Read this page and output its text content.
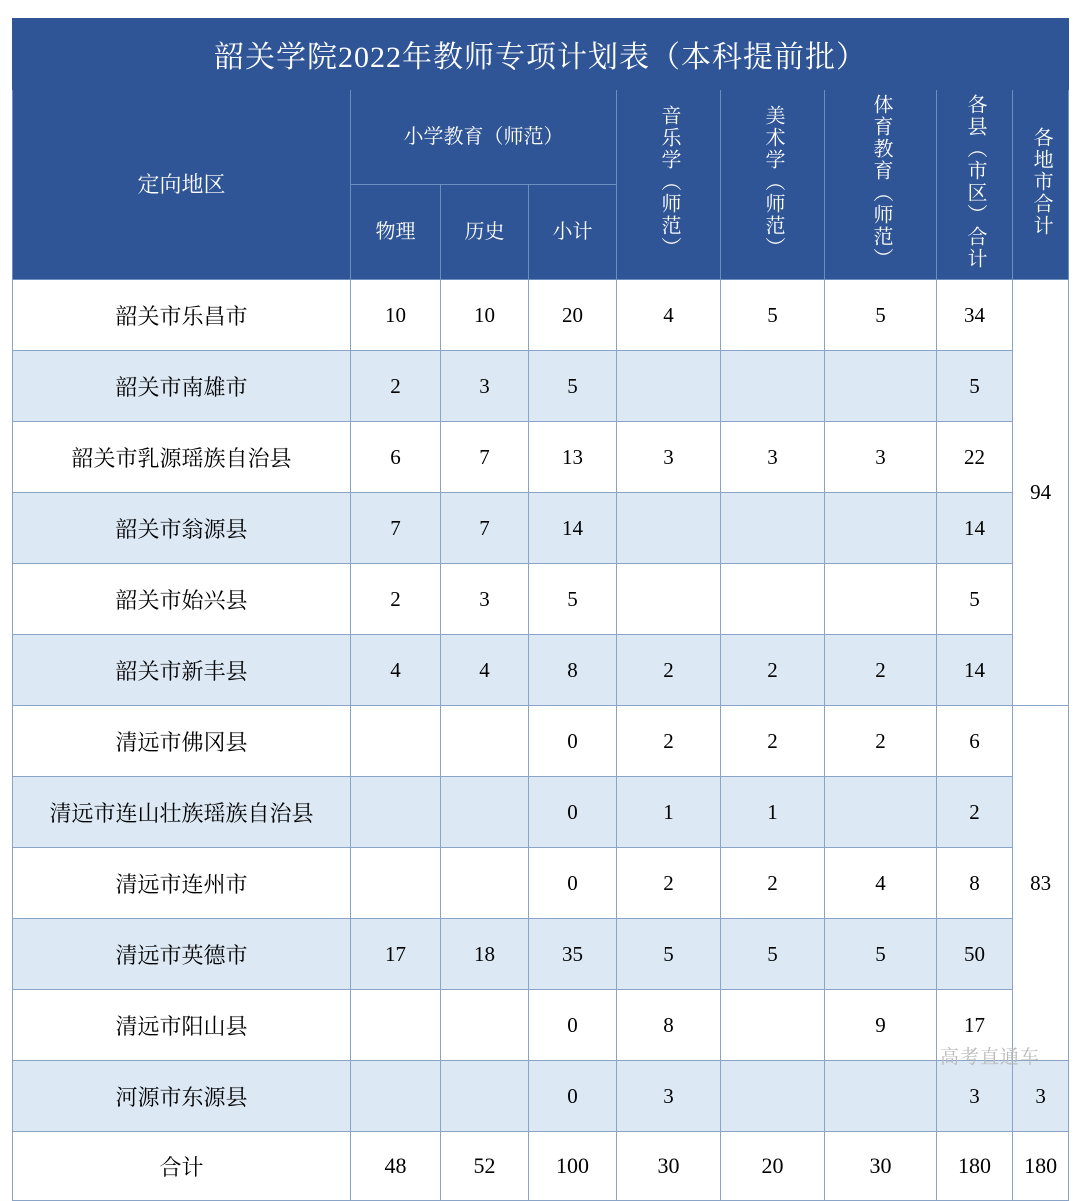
韶关学院2022年教师专项计划表（本科提前批）								
定向地区	小学教育（师范）			音乐学（师范）	美术学（师范）	体育教育（师范）	各县（市区）合计	各地市合计
	物理	历史	小计					
韶关市乐昌市	10	10	20	4	5	5	34	94
韶关市南雄市	2	3	5				5	
韶关市乳源瑶族自治县	6	7	13	3	3	3	22	
韶关市翁源县	7	7	14				14	
韶关市始兴县	2	3	5				5	
韶关市新丰县	4	4	8	2	2	2	14	
清远市佛冈县			0	2	2	2	6	83
清远市连山壮族瑶族自治县			0	1	1		2	
清远市连州市			0	2	2	4	8	
清远市英德市	17	18	35	5	5	5	50	
清远市阳山县			0	8		9	17	
河源市东源县			0	3			3	3
合计	48	52	100	30	20	30	180	180
高考直通车
